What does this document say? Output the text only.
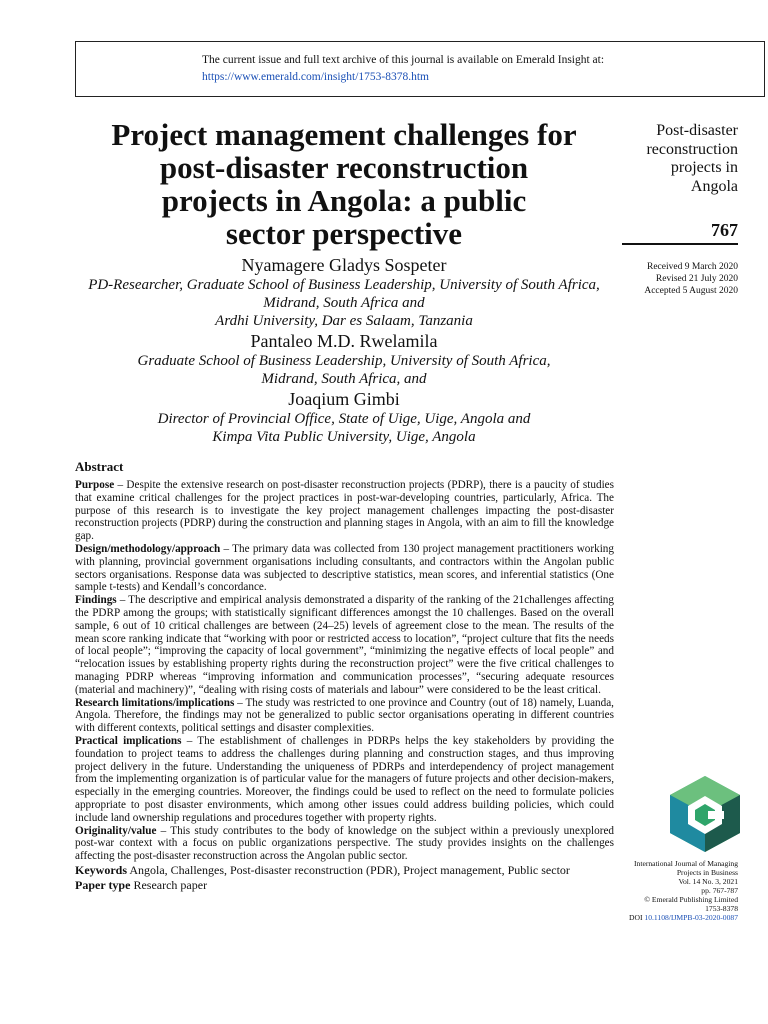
The current issue and full text archive of this journal is available on Emerald Insight at:
https://www.emerald.com/insight/1753-8378.htm
Project management challenges for
post-disaster reconstruction
projects in Angola: a public
sector perspective
Nyamagere Gladys Sospeter
PD-Researcher, Graduate School of Business Leadership, University of South Africa,
Midrand, South Africa and
Ardhi University, Dar es Salaam, Tanzania
Pantaleo M.D. Rwelamila
Graduate School of Business Leadership, University of South Africa,
Midrand, South Africa, and
Joaqium Gimbi
Director of Provincial Office, State of Uige, Uige, Angola and
Kimpa Vita Public University, Uige, Angola
Post-disaster
reconstruction
projects in
Angola
767
Received 9 March 2020
Revised 21 July 2020
Accepted 5 August 2020
Abstract

Purpose – Despite the extensive research on post-disaster reconstruction projects (PDRP), there is a paucity of studies that examine critical challenges for the project practices in post-war-developing countries, particularly, Africa. The purpose of this research is to investigate the key project management challenges impacting the post-disaster reconstruction projects (PDRP) during the construction and planning stages in Angola, with an aim to fill the knowledge gap.

Design/methodology/approach – The primary data was collected from 130 project management practitioners working with planning, provincial government organisations including consultants, and contractors within the Angolan public sectors organisations. Response data was subjected to descriptive statistics, mean scores, and inferential statistics (One sample t-tests) and Kendall’s concordance.

Findings – The descriptive and empirical analysis demonstrated a disparity of the ranking of the 21challenges affecting the PDRP among the groups; with statistically significant differences amongst the 10 challenges. Based on the overall sample, 6 out of 10 critical challenges are between (24–25) levels of agreement close to the mean. The results of the mean score ranking indicate that “working with poor or restricted access to location”, “project culture that fits the needs of local people”; “improving the capacity of local government”, “minimizing the negative effects of local people” and “relocation issues by establishing property rights during the reconstruction project” were the five critical challenges to managing PDRP whereas “improving information and communication processes”, “securing adequate resources (material and machinery)”, “dealing with rising costs of materials and labour” were considered to be the least critical.

Research limitations/implications – The study was restricted to one province and Country (out of 18) namely, Luanda, Angola. Therefore, the findings may not be generalized to public sector organisations operating in different countries with different contexts, political settings and disaster complexities.

Practical implications – The establishment of challenges in PDRPs helps the key stakeholders by providing the foundation to project teams to address the challenges during planning and construction stages, and thus improving project delivery in the future. Understanding the uniqueness of PDRPs and interdependency of project management from the implementing organization is of particular value for the managers of future projects and other decision-makers, especially in the emerging countries. Moreover, the findings could be used to reflect on the need to formulate policies appropriate to post disaster environments, which among other issues could address building policies, which could include land ownership regulations and procedures together with property rights.

Originality/value – This study contributes to the body of knowledge on the subject within a previously unexplored post-war context with a focus on public organizations perspective. The study provides insights on the challenges affecting the post-disaster reconstruction across the Angolan public sector.

Keywords Angola, Challenges, Post-disaster reconstruction (PDR), Project management, Public sector

Paper type Research paper

International Journal of Managing
Projects in Business
Vol. 14 No. 3, 2021
pp. 767-787
© Emerald Publishing Limited
1753-8378
DOI 10.1108/IJMPB-03-2020-0087
